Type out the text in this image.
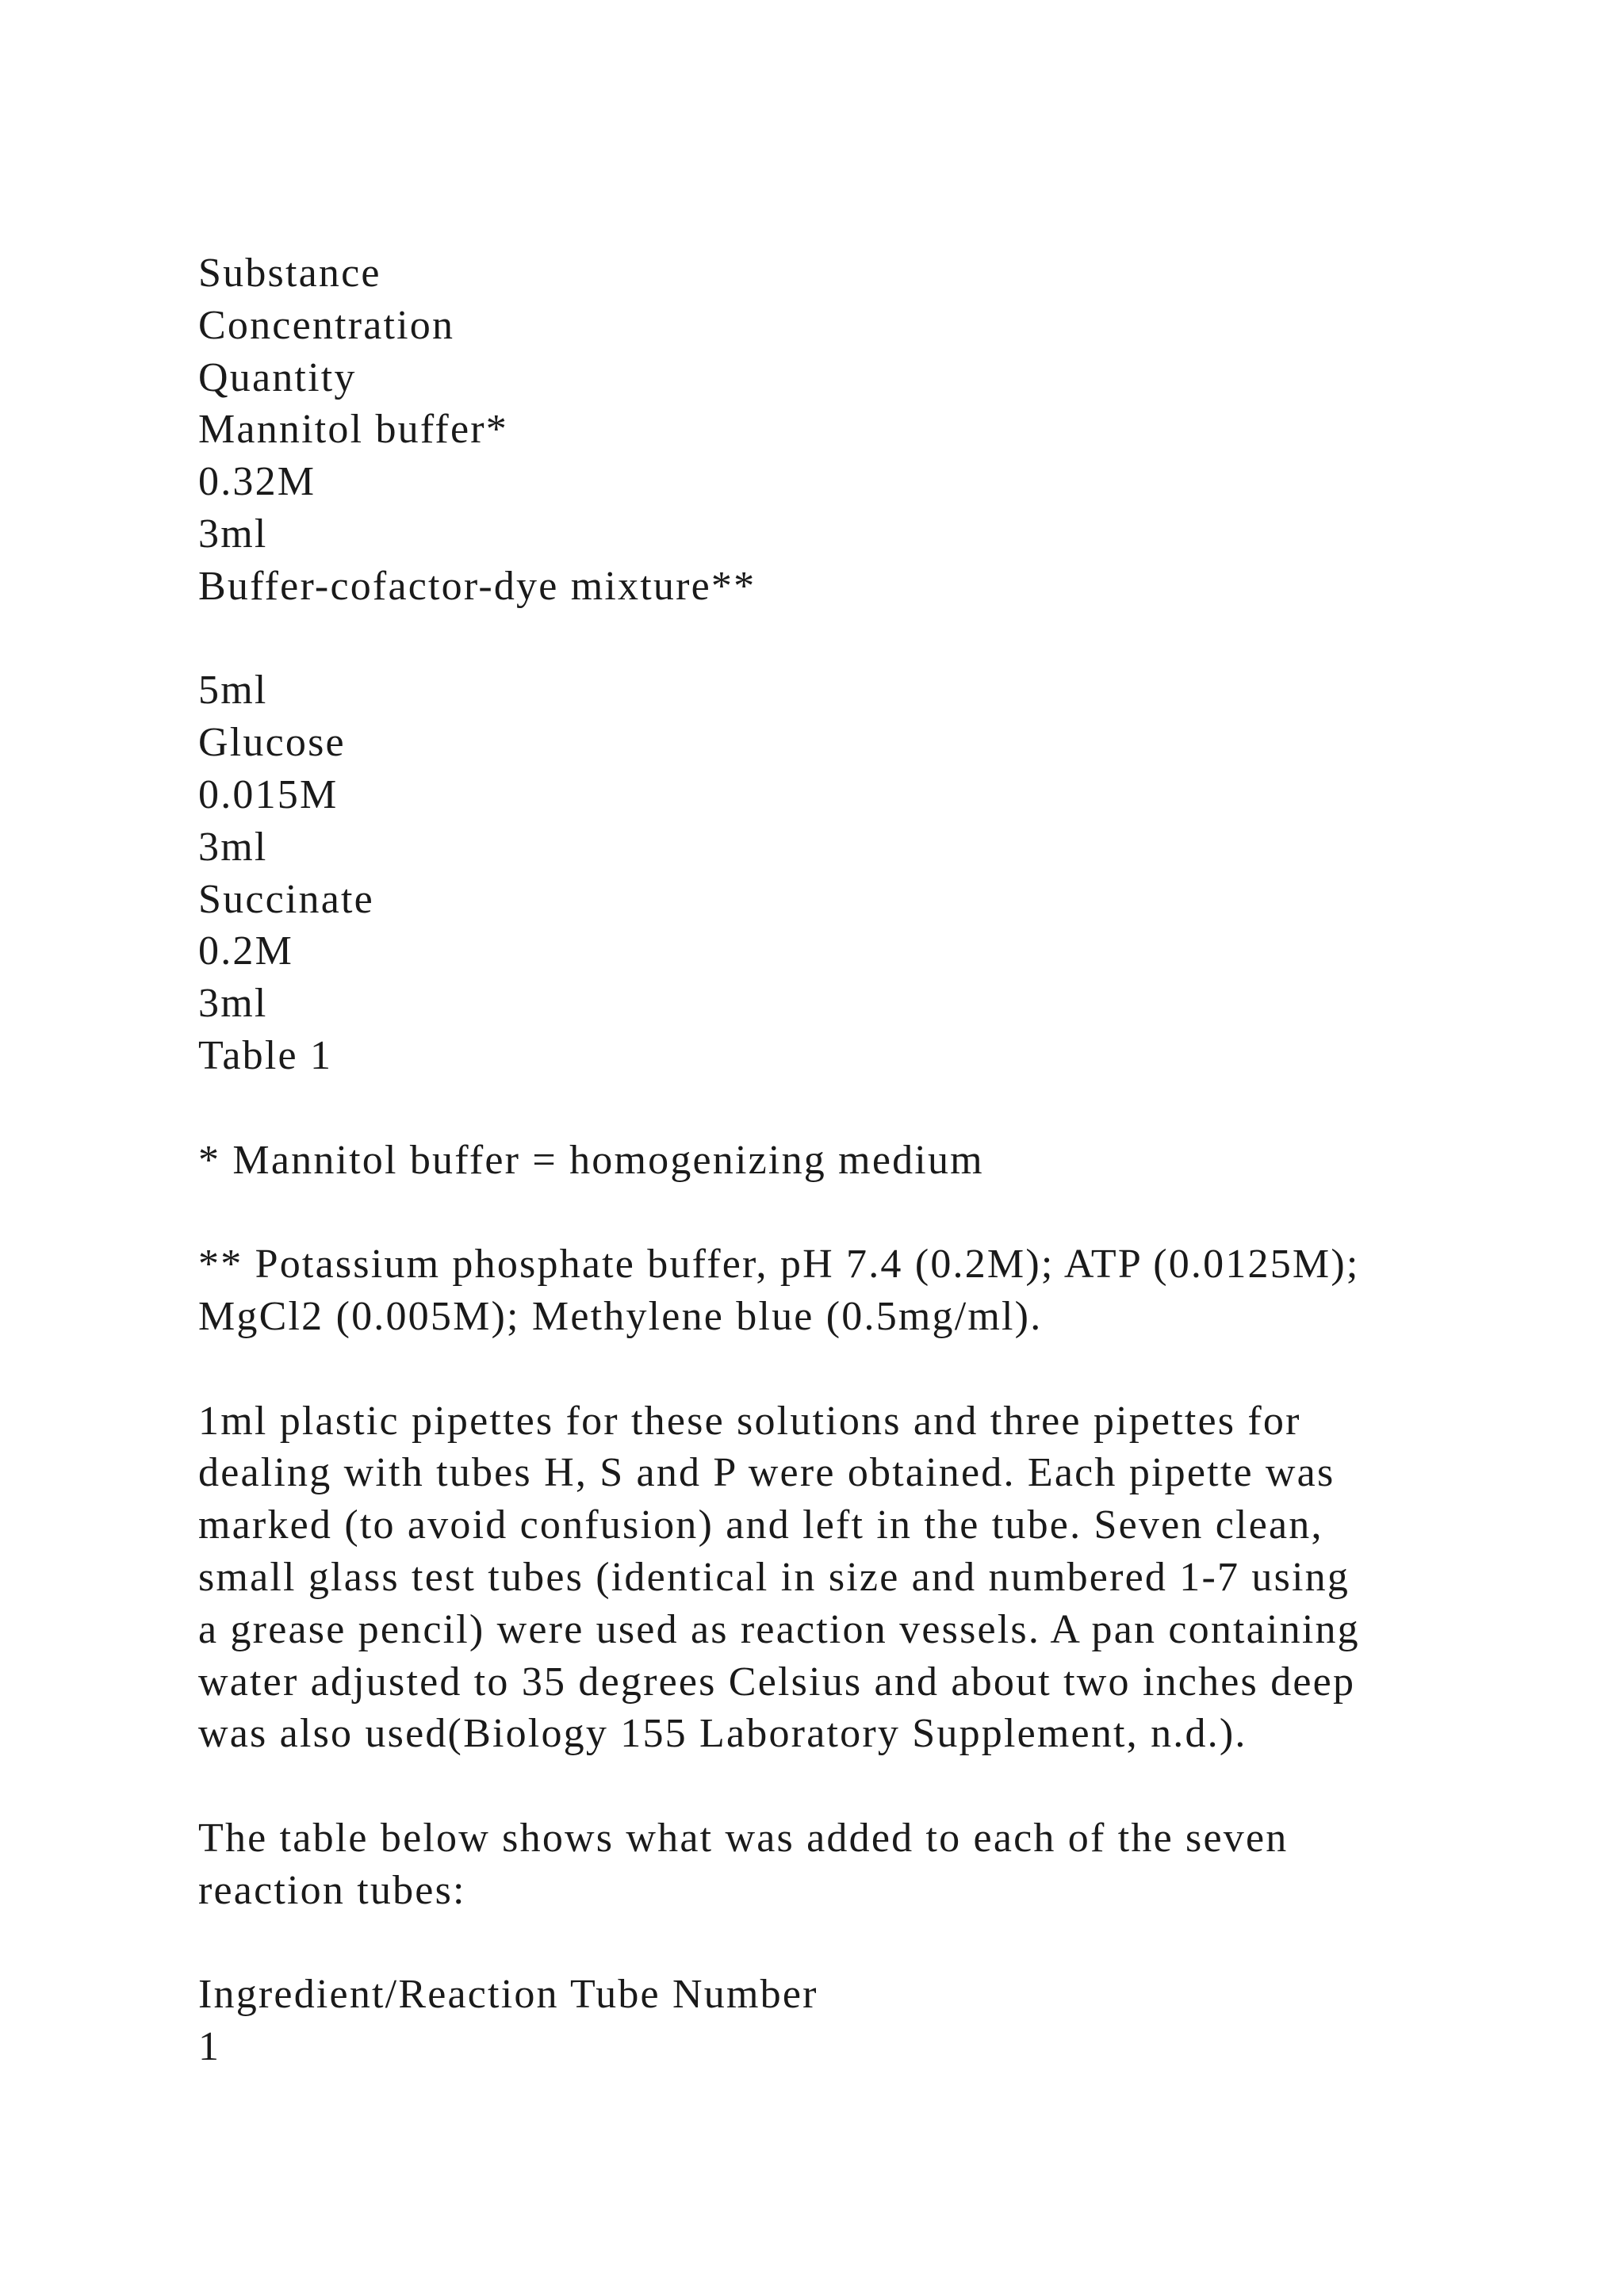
Substance
Concentration
Quantity
Mannitol buffer*
0.32M
3ml
Buffer-cofactor-dye mixture**
5ml
Glucose
0.015M
3ml
Succinate
0.2M
3ml
Table 1
* Mannitol buffer = homogenizing medium
** Potassium phosphate buffer, pH 7.4 (0.2M); ATP (0.0125M);
MgCl2 (0.005M); Methylene blue (0.5mg/ml).
1ml plastic pipettes for these solutions and three pipettes for
dealing with tubes H, S and P were obtained. Each pipette was
marked (to avoid confusion) and left in the tube. Seven clean,
small glass test tubes (identical in size and numbered 1-7 using
a grease pencil) were used as reaction vessels. A pan containing
water adjusted to 35 degrees Celsius and about two inches deep
was also used(Biology 155 Laboratory Supplement, n.d.).
The table below shows what was added to each of the seven
reaction tubes:
Ingredient/Reaction Tube Number
1
